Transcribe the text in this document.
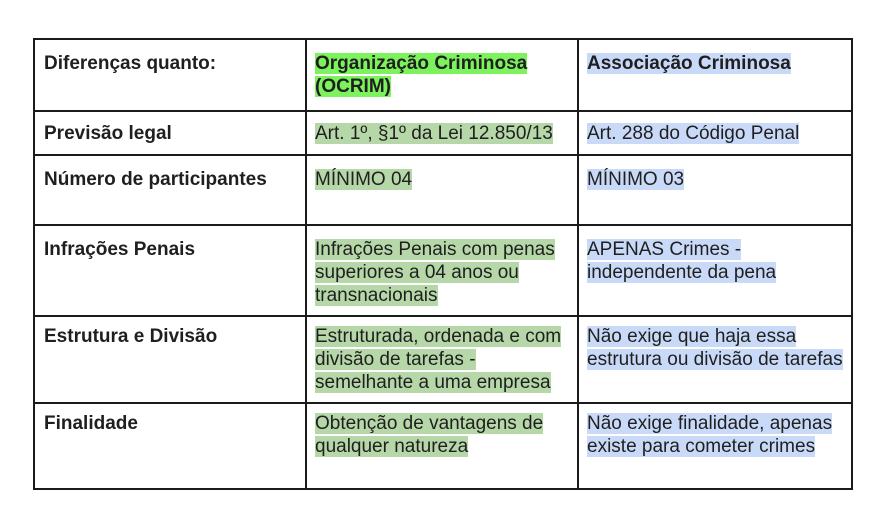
Diferenças quanto:	Organização Criminosa (OCRIM)	Associação Criminosa
Previsão legal	Art. 1º, §1º da Lei 12.850/13	Art. 288 do Código Penal
Número de participantes	MÍNIMO 04	MÍNIMO 03
Infrações Penais	Infrações Penais com penas superiores a 04 anos ou transnacionais	APENAS Crimes - independente da pena
Estrutura e Divisão	Estruturada, ordenada e com divisão de tarefas - semelhante a uma empresa	Não exige que haja essa estrutura ou divisão de tarefas
Finalidade	Obtenção de vantagens de qualquer natureza	Não exige finalidade, apenas existe para cometer crimes
